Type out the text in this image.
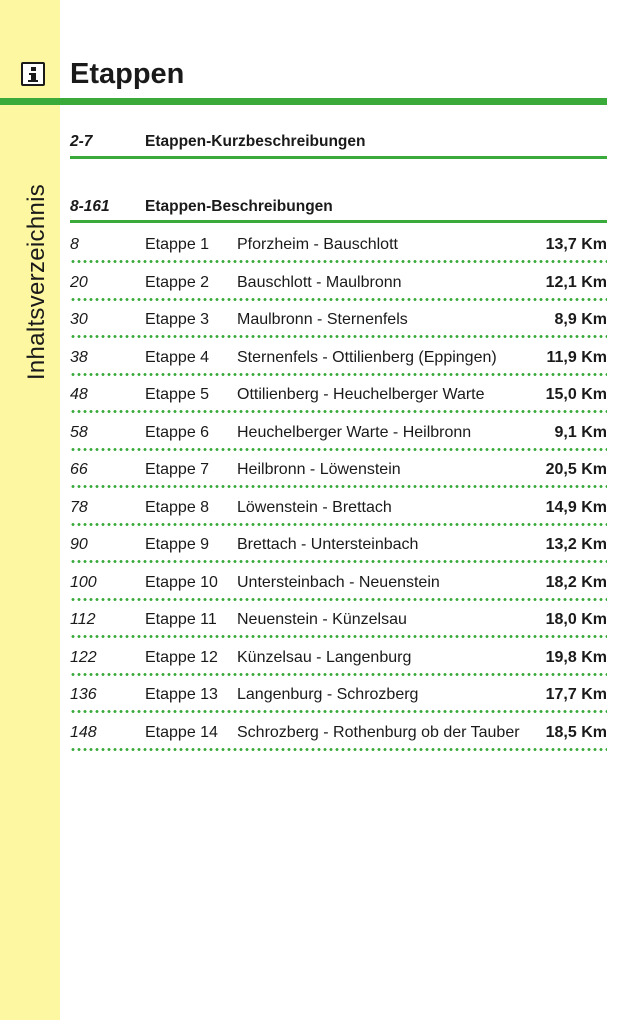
Inhaltsverzeichnis
Etappen
2-7	Etappen-Kurzbeschreibungen
8-161 Etappen-Beschreibungen
8	Etappe 1 Pforzheim - Bauschlott	13,7 Km
20	Etappe 2 Bauschlott - Maulbronn	12,1 Km
30	Etappe 3 Maulbronn - Sternenfels	8,9 Km
38	Etappe 4 Sternenfels - Ottilienberg (Eppingen)	11,9 Km
48	Etappe 5 Ottilienberg - Heuchelberger Warte	15,0 Km
58	Etappe 6 Heuchelberger Warte - Heilbronn	9,1 Km
66	Etappe 7 Heilbronn - Löwenstein	20,5 Km
78	Etappe 8 Löwenstein - Brettach	14,9 Km
90	Etappe 9 Brettach - Untersteinbach	13,2 Km
100	Etappe 10 Untersteinbach - Neuenstein	18,2 Km
112	Etappe 11 Neuenstein - Künzelsau	18,0 Km
122	Etappe 12 Künzelsau - Langenburg	19,8 Km
136	Etappe 13 Langenburg - Schrozberg	17,7 Km
148	Etappe 14 Schrozberg - Rothenburg ob der Tauber 18,5 Km
